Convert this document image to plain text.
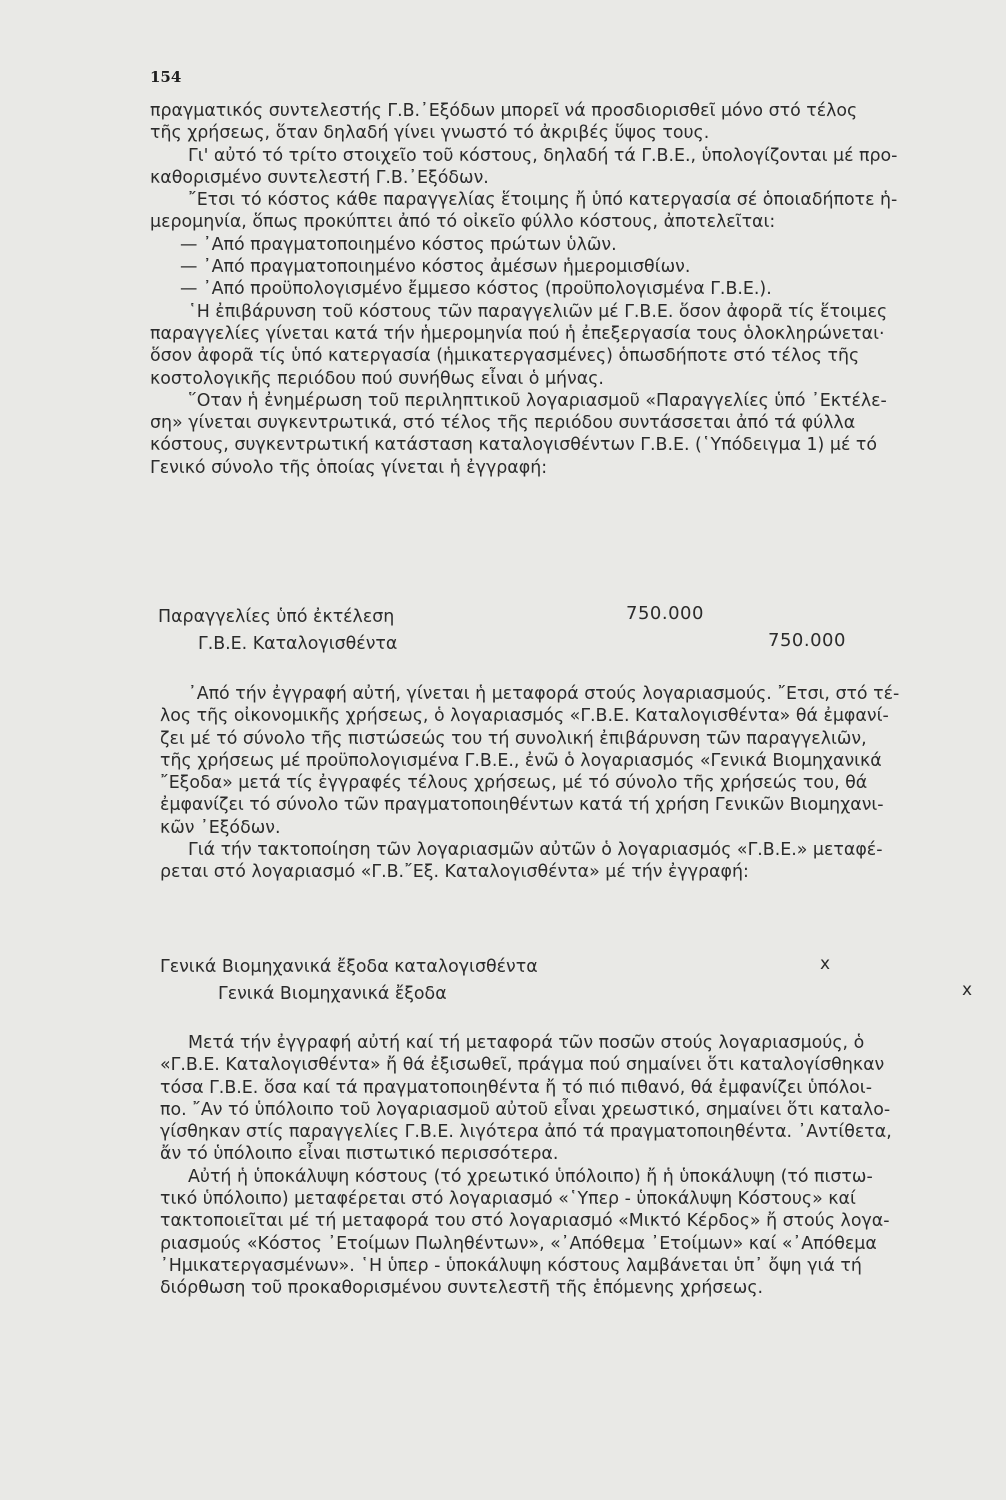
154

πραγματικός συντελεστής Γ.Β.᾿Εξόδων μπορεῖ νά προσδιορισθεῖ μόνο στό τέλος

τῆς χρήσεως, ὅταν δηλαδή γίνει γνωστό τό ἀκριβές ὕψος τους.

Γι' αὐτό τό τρίτο στοιχεῖο τοῦ κόστους, δηλαδή τά Γ.Β.Ε., ὑπολογίζονται μέ προ-

καθορισμένο συντελεστή Γ.Β.᾿Εξόδων.

῎Ετσι τό κόστος κάθε παραγγελίας ἕτοιμης ἤ ὑπό κατεργασία σέ ὁποιαδήποτε ἡ-

μερομηνία, ὅπως προκύπτει ἀπό τό οἰκεῖο φύλλο κόστους, ἀποτελεῖται:

— ᾿Από πραγματοποιημένο κόστος πρώτων ὑλῶν.

— ᾿Από πραγματοποιημένο κόστος ἀμέσων ἡμερομισθίων.

— ᾿Από προϋπολογισμένο ἔμμεσο κόστος (προϋπολογισμένα Γ.Β.Ε.).

῾Η ἐπιβάρυνση τοῦ κόστους τῶν παραγγελιῶν μέ Γ.Β.Ε. ὅσον ἀφορᾶ τίς ἕτοιμες

παραγγελίες γίνεται κατά τήν ἡμερομηνία πού ἡ ἐπεξεργασία τους ὁλοκληρώνεται·

ὅσον ἀφορᾶ τίς ὑπό κατεργασία (ἡμικατεργασμένες) ὁπωσδήποτε στό τέλος τῆς

κοστολογικῆς περιόδου πού συνήθως εἶναι ὁ μήνας.

῞Οταν ἡ ἐνημέρωση τοῦ περιληπτικοῦ λογαριασμοῦ «Παραγγελίες ὑπό ᾿Εκτέλε-

ση» γίνεται συγκεντρωτικά, στό τέλος τῆς περιόδου συντάσσεται ἀπό τά φύλλα

κόστους, συγκεντρωτική κατάσταση καταλογισθέντων Γ.Β.Ε. (῾Υπόδειγμα 1) μέ τό

Γενικό σύνολο τῆς ὁποίας γίνεται ἡ ἐγγραφή:

Παραγγελίες ὑπό ἐκτέλεση	750.000
Γ.Β.Ε. Καταλογισθέντα	750.000

᾿Από τήν ἐγγραφή αὐτή, γίνεται ἡ μεταφορά στούς λογαριασμούς. ῎Ετσι, στό τέ-

λος τῆς οἰκονομικῆς χρήσεως, ὁ λογαριασμός «Γ.Β.Ε. Καταλογισθέντα» θά ἐμφανί-

ζει μέ τό σύνολο τῆς πιστώσεώς του τή συνολική ἐπιβάρυνση τῶν παραγγελιῶν,

τῆς χρήσεως μέ προϋπολογισμένα Γ.Β.Ε., ἐνῶ ὁ λογαριασμός «Γενικά Βιομηχανικά

῎Εξοδα» μετά τίς ἐγγραφές τέλους χρήσεως, μέ τό σύνολο τῆς χρήσεώς του, θά

ἐμφανίζει τό σύνολο τῶν πραγματοποιηθέντων κατά τή χρήση Γενικῶν Βιομηχανι-

κῶν ᾿Εξόδων.

Γιά τήν τακτοποίηση τῶν λογαριασμῶν αὐτῶν ὁ λογαριασμός «Γ.Β.Ε.» μεταφέ-

ρεται στό λογαριασμό «Γ.Β.῎Εξ. Καταλογισθέντα» μέ τήν ἐγγραφή:

Γενικά Βιομηχανικά ἔξοδα καταλογισθέντα	x
Γενικά Βιομηχανικά ἔξοδα	x

Μετά τήν ἐγγραφή αὐτή καί τή μεταφορά τῶν ποσῶν στούς λογαριασμούς, ὁ

«Γ.Β.Ε. Καταλογισθέντα» ἤ θά ἐξισωθεῖ, πράγμα πού σημαίνει ὅτι καταλογίσθηκαν

τόσα Γ.Β.Ε. ὅσα καί τά πραγματοποιηθέντα ἤ τό πιό πιθανό, θά ἐμφανίζει ὑπόλοι-

πο. ῎Αν τό ὑπόλοιπο τοῦ λογαριασμοῦ αὐτοῦ εἶναι χρεωστικό, σημαίνει ὅτι καταλο-

γίσθηκαν στίς παραγγελίες Γ.Β.Ε. λιγότερα ἀπό τά πραγματοποιηθέντα. ᾿Αντίθετα,

ἄν τό ὑπόλοιπο εἶναι πιστωτικό περισσότερα.

Αὐτή ἡ ὑποκάλυψη κόστους (τό χρεωτικό ὑπόλοιπο) ἤ ἡ ὑποκάλυψη (τό πιστω-

τικό ὑπόλοιπο) μεταφέρεται στό λογαριασμό «῾Υπερ - ὑποκάλυψη Κόστους» καί

τακτοποιεῖται μέ τή μεταφορά του στό λογαριασμό «Μικτό Κέρδος» ἤ στούς λογα-

ριασμούς «Κόστος ᾿Ετοίμων Πωληθέντων», «᾿Απόθεμα ᾿Ετοίμων» καί «᾿Απόθεμα

᾿Ημικατεργασμένων». ῾Η ὑπερ - ὑποκάλυψη κόστους λαμβάνεται ὑπ᾿ ὄψη γιά τή

διόρθωση τοῦ προκαθορισμένου συντελεστῆ τῆς ἑπόμενης χρήσεως.
